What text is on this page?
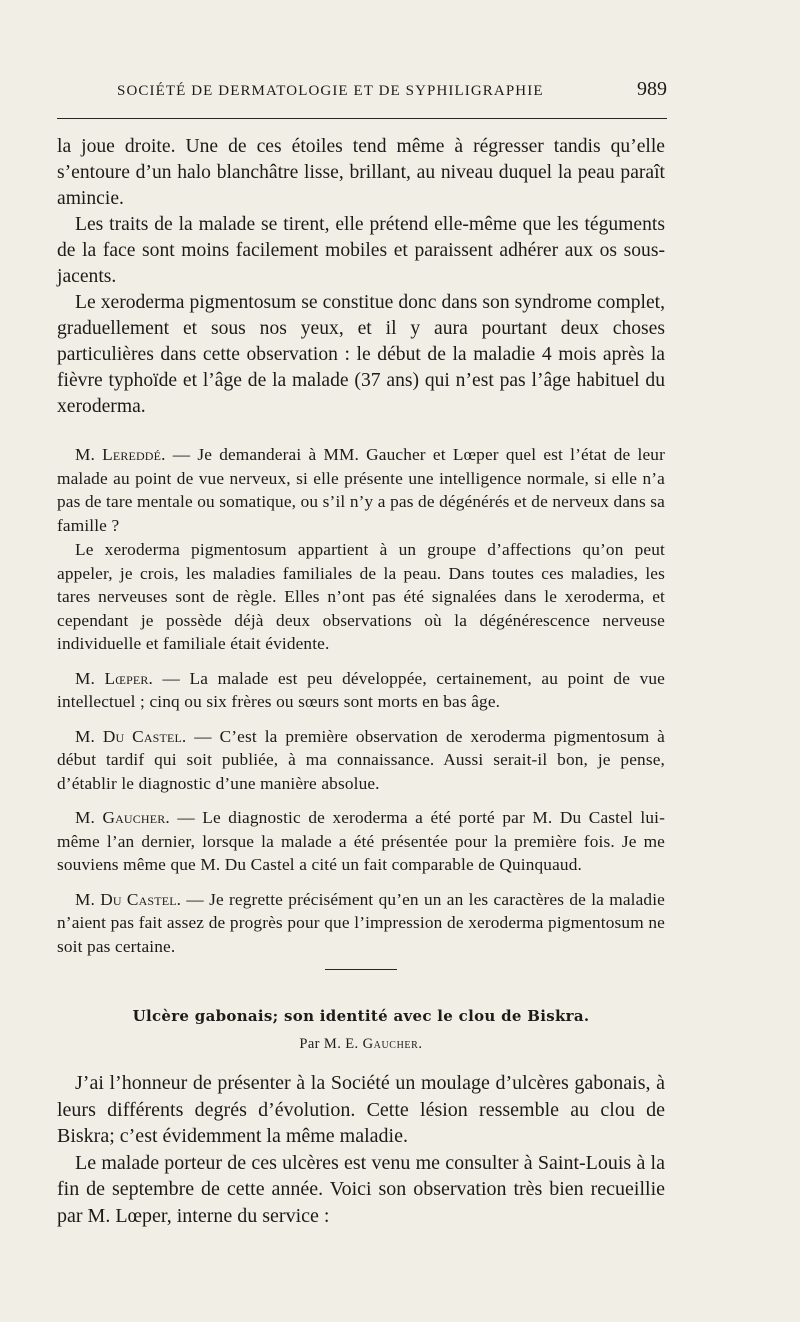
SOCIÉTÉ DE DERMATOLOGIE ET DE SYPHILIGRAPHIE	989

la joue droite. Une de ces étoiles tend même à régresser tandis qu’elle s’entoure d’un halo blanchâtre lisse, brillant, au niveau duquel la peau paraît amincie.

Les traits de la malade se tirent, elle prétend elle-même que les téguments de la face sont moins facilement mobiles et paraissent adhérer aux os sous-jacents.

Le xeroderma pigmentosum se constitue donc dans son syndrome complet, graduellement et sous nos yeux, et il y aura pourtant deux choses particulières dans cette observation : le début de la maladie 4 mois après la fièvre typhoïde et l’âge de la malade (37 ans) qui n’est pas l’âge habituel du xeroderma.

M. Lereddé. — Je demanderai à MM. Gaucher et Lœper quel est l’état de leur malade au point de vue nerveux, si elle présente une intelligence normale, si elle n’a pas de tare mentale ou somatique, ou s’il n’y a pas de dégénérés et de nerveux dans sa famille ?

Le xeroderma pigmentosum appartient à un groupe d’affections qu’on peut appeler, je crois, les maladies familiales de la peau. Dans toutes ces maladies, les tares nerveuses sont de règle. Elles n’ont pas été signalées dans le xeroderma, et cependant je possède déjà deux observations où la dégénérescence nerveuse individuelle et familiale était évidente.

M. Lœper. — La malade est peu développée, certainement, au point de vue intellectuel ; cinq ou six frères ou sœurs sont morts en bas âge.

M. Du Castel. — C’est la première observation de xeroderma pigmentosum à début tardif qui soit publiée, à ma connaissance. Aussi serait-il bon, je pense, d’établir le diagnostic d’une manière absolue.

M. Gaucher. — Le diagnostic de xeroderma a été porté par M. Du Castel lui-même l’an dernier, lorsque la malade a été présentée pour la première fois. Je me souviens même que M. Du Castel a cité un fait comparable de Quinquaud.

M. Du Castel. — Je regrette précisément qu’en un an les caractères de la maladie n’aient pas fait assez de progrès pour que l’impression de xeroderma pigmentosum ne soit pas certaine.

Ulcère gabonais; son identité avec le clou de Biskra.
Par M. E. Gaucher.

J’ai l’honneur de présenter à la Société un moulage d’ulcères gabonais, à leurs différents degrés d’évolution. Cette lésion ressemble au clou de Biskra; c’est évidemment la même maladie.

Le malade porteur de ces ulcères est venu me consulter à Saint-Louis à la fin de septembre de cette année. Voici son observation très bien recueillie par M. Lœper, interne du service :
